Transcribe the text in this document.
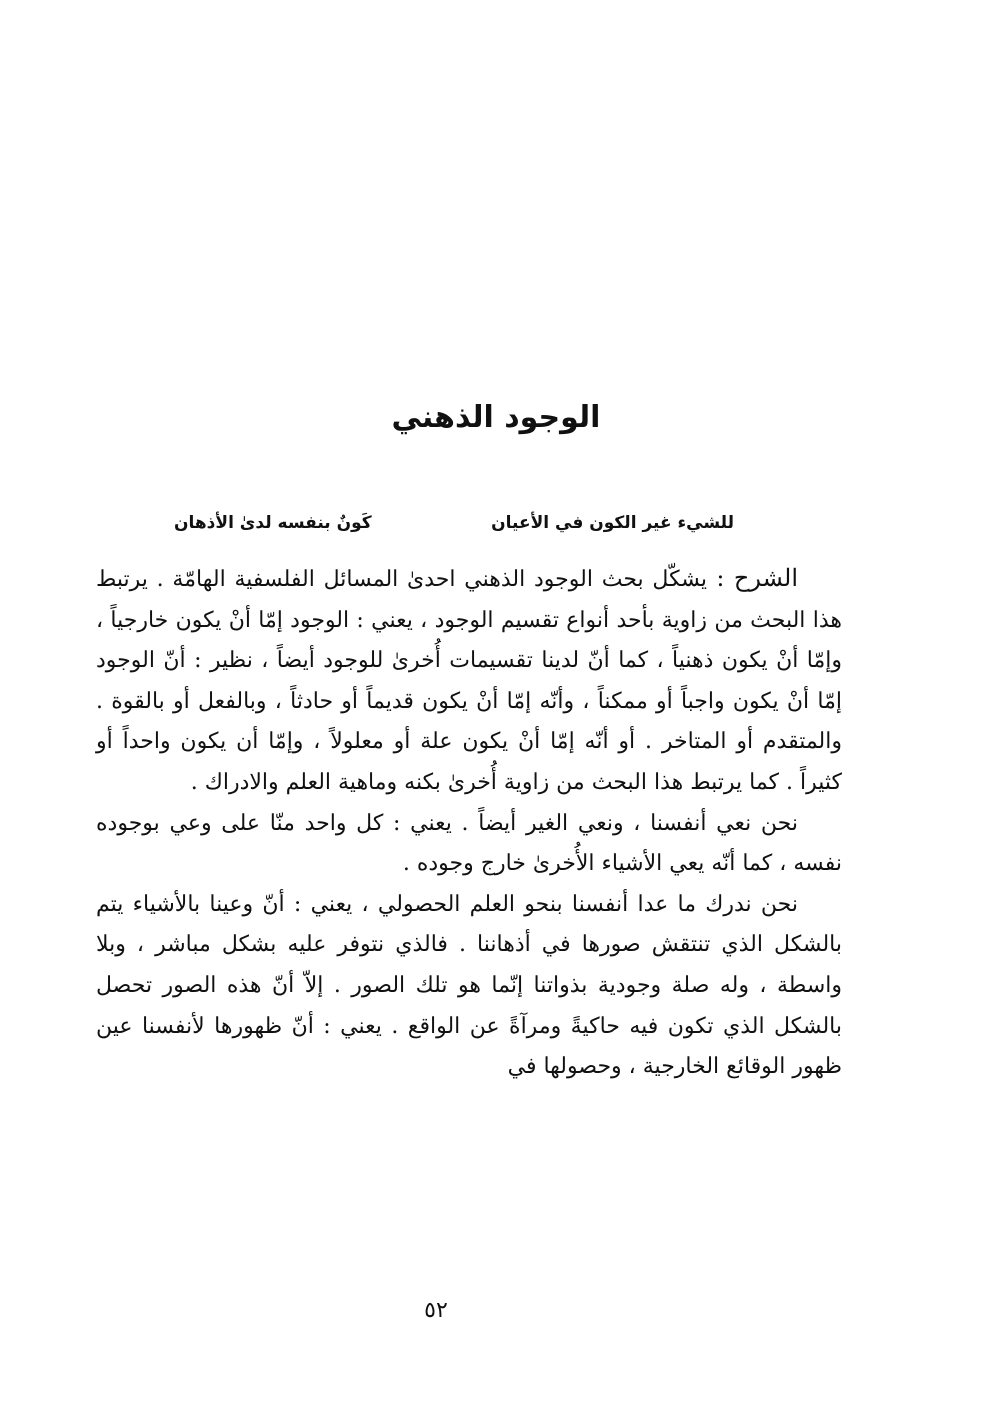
الوجود الذهني
للشيء غير الكون في الأعيان
كَونٌ بنفسه لدىٰ الأذهان

الشرح : يشكّل بحث الوجود الذهني احدىٰ المسائل الفلسفية الهامّة . يرتبط هذا البحث من زاوية بأحد أنواع تقسيم الوجود ، يعني : الوجود إمّا أنْ يكون خارجياً ، وإمّا أنْ يكون ذهنياً ، كما أنّ لدينا تقسيمات أُخرىٰ للوجود أيضاً ، نظير : أنّ الوجود إمّا أنْ يكون واجباً أو ممكناً ، وأنّه إمّا أنْ يكون قديماً أو حادثاً ، وبالفعل أو بالقوة . والمتقدم أو المتاخر . أو أنّه إمّا أنْ يكون علة أو معلولاً ، وإمّا أن يكون واحداً أو كثيراً . كما يرتبط هذا البحث من زاوية أُخرىٰ بكنه وماهية العلم والادراك .

نحن نعي أنفسنا ، ونعي الغير أيضاً . يعني : كل واحد منّا على وعي بوجوده نفسه ، كما أنّه يعي الأشياء الأُخرىٰ خارج وجوده .

نحن ندرك ما عدا أنفسنا بنحو العلم الحصولي ، يعني : أنّ وعينا بالأشياء يتم بالشكل الذي تنتقش صورها في أذهاننا . فالذي نتوفر عليه بشكل مباشر ، وبلا واسطة ، وله صلة وجودية بذواتنا إنّما هو تلك الصور . إلاّ أنّ هذه الصور تحصل بالشكل الذي تكون فيه حاكيةً ومرآةً عن الواقع . يعني : أنّ ظهورها لأنفسنا عين ظهور الوقائع الخارجية ، وحصولها في

٥٢
